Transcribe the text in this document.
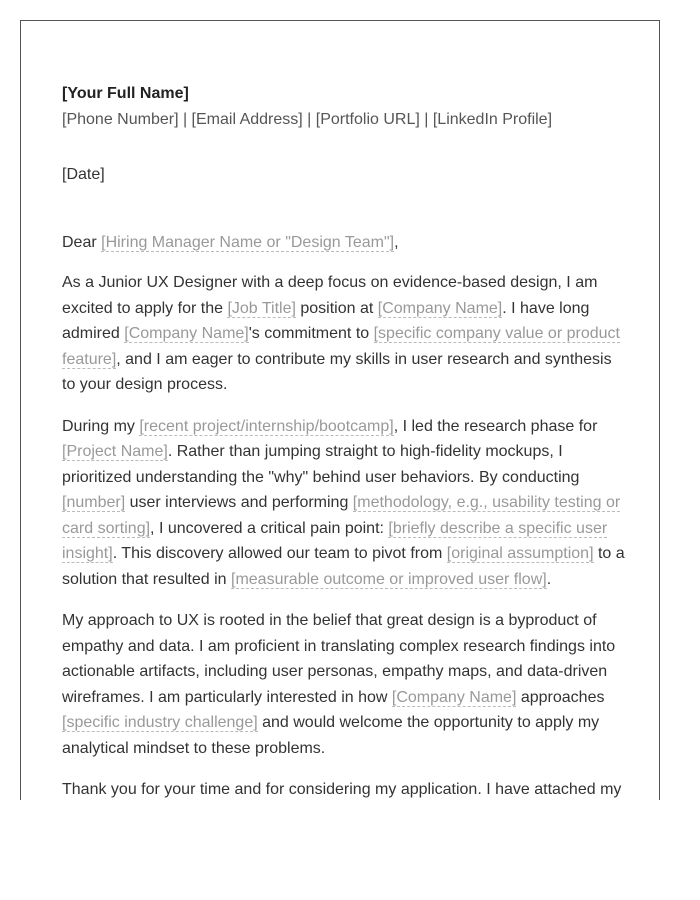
[Your Full Name]

[Phone Number] | [Email Address] | [Portfolio URL] | [LinkedIn Profile]

[Date]

Dear [Hiring Manager Name or "Design Team"],

As a Junior UX Designer with a deep focus on evidence-based design, I am excited to apply for the [Job Title] position at [Company Name]. I have long admired [Company Name]'s commitment to [specific company value or product feature], and I am eager to contribute my skills in user research and synthesis to your design process.

During my [recent project/internship/bootcamp], I led the research phase for [Project Name]. Rather than jumping straight to high-fidelity mockups, I prioritized understanding the "why" behind user behaviors. By conducting [number] user interviews and performing [methodology, e.g., usability testing or card sorting], I uncovered a critical pain point: [briefly describe a specific user insight]. This discovery allowed our team to pivot from [original assumption] to a solution that resulted in [measurable outcome or improved user flow].

My approach to UX is rooted in the belief that great design is a byproduct of empathy and data. I am proficient in translating complex research findings into actionable artifacts, including user personas, empathy maps, and data-driven wireframes. I am particularly interested in how [Company Name] approaches [specific industry challenge] and would welcome the opportunity to apply my analytical mindset to these problems.

Thank you for your time and for considering my application. I have attached my
